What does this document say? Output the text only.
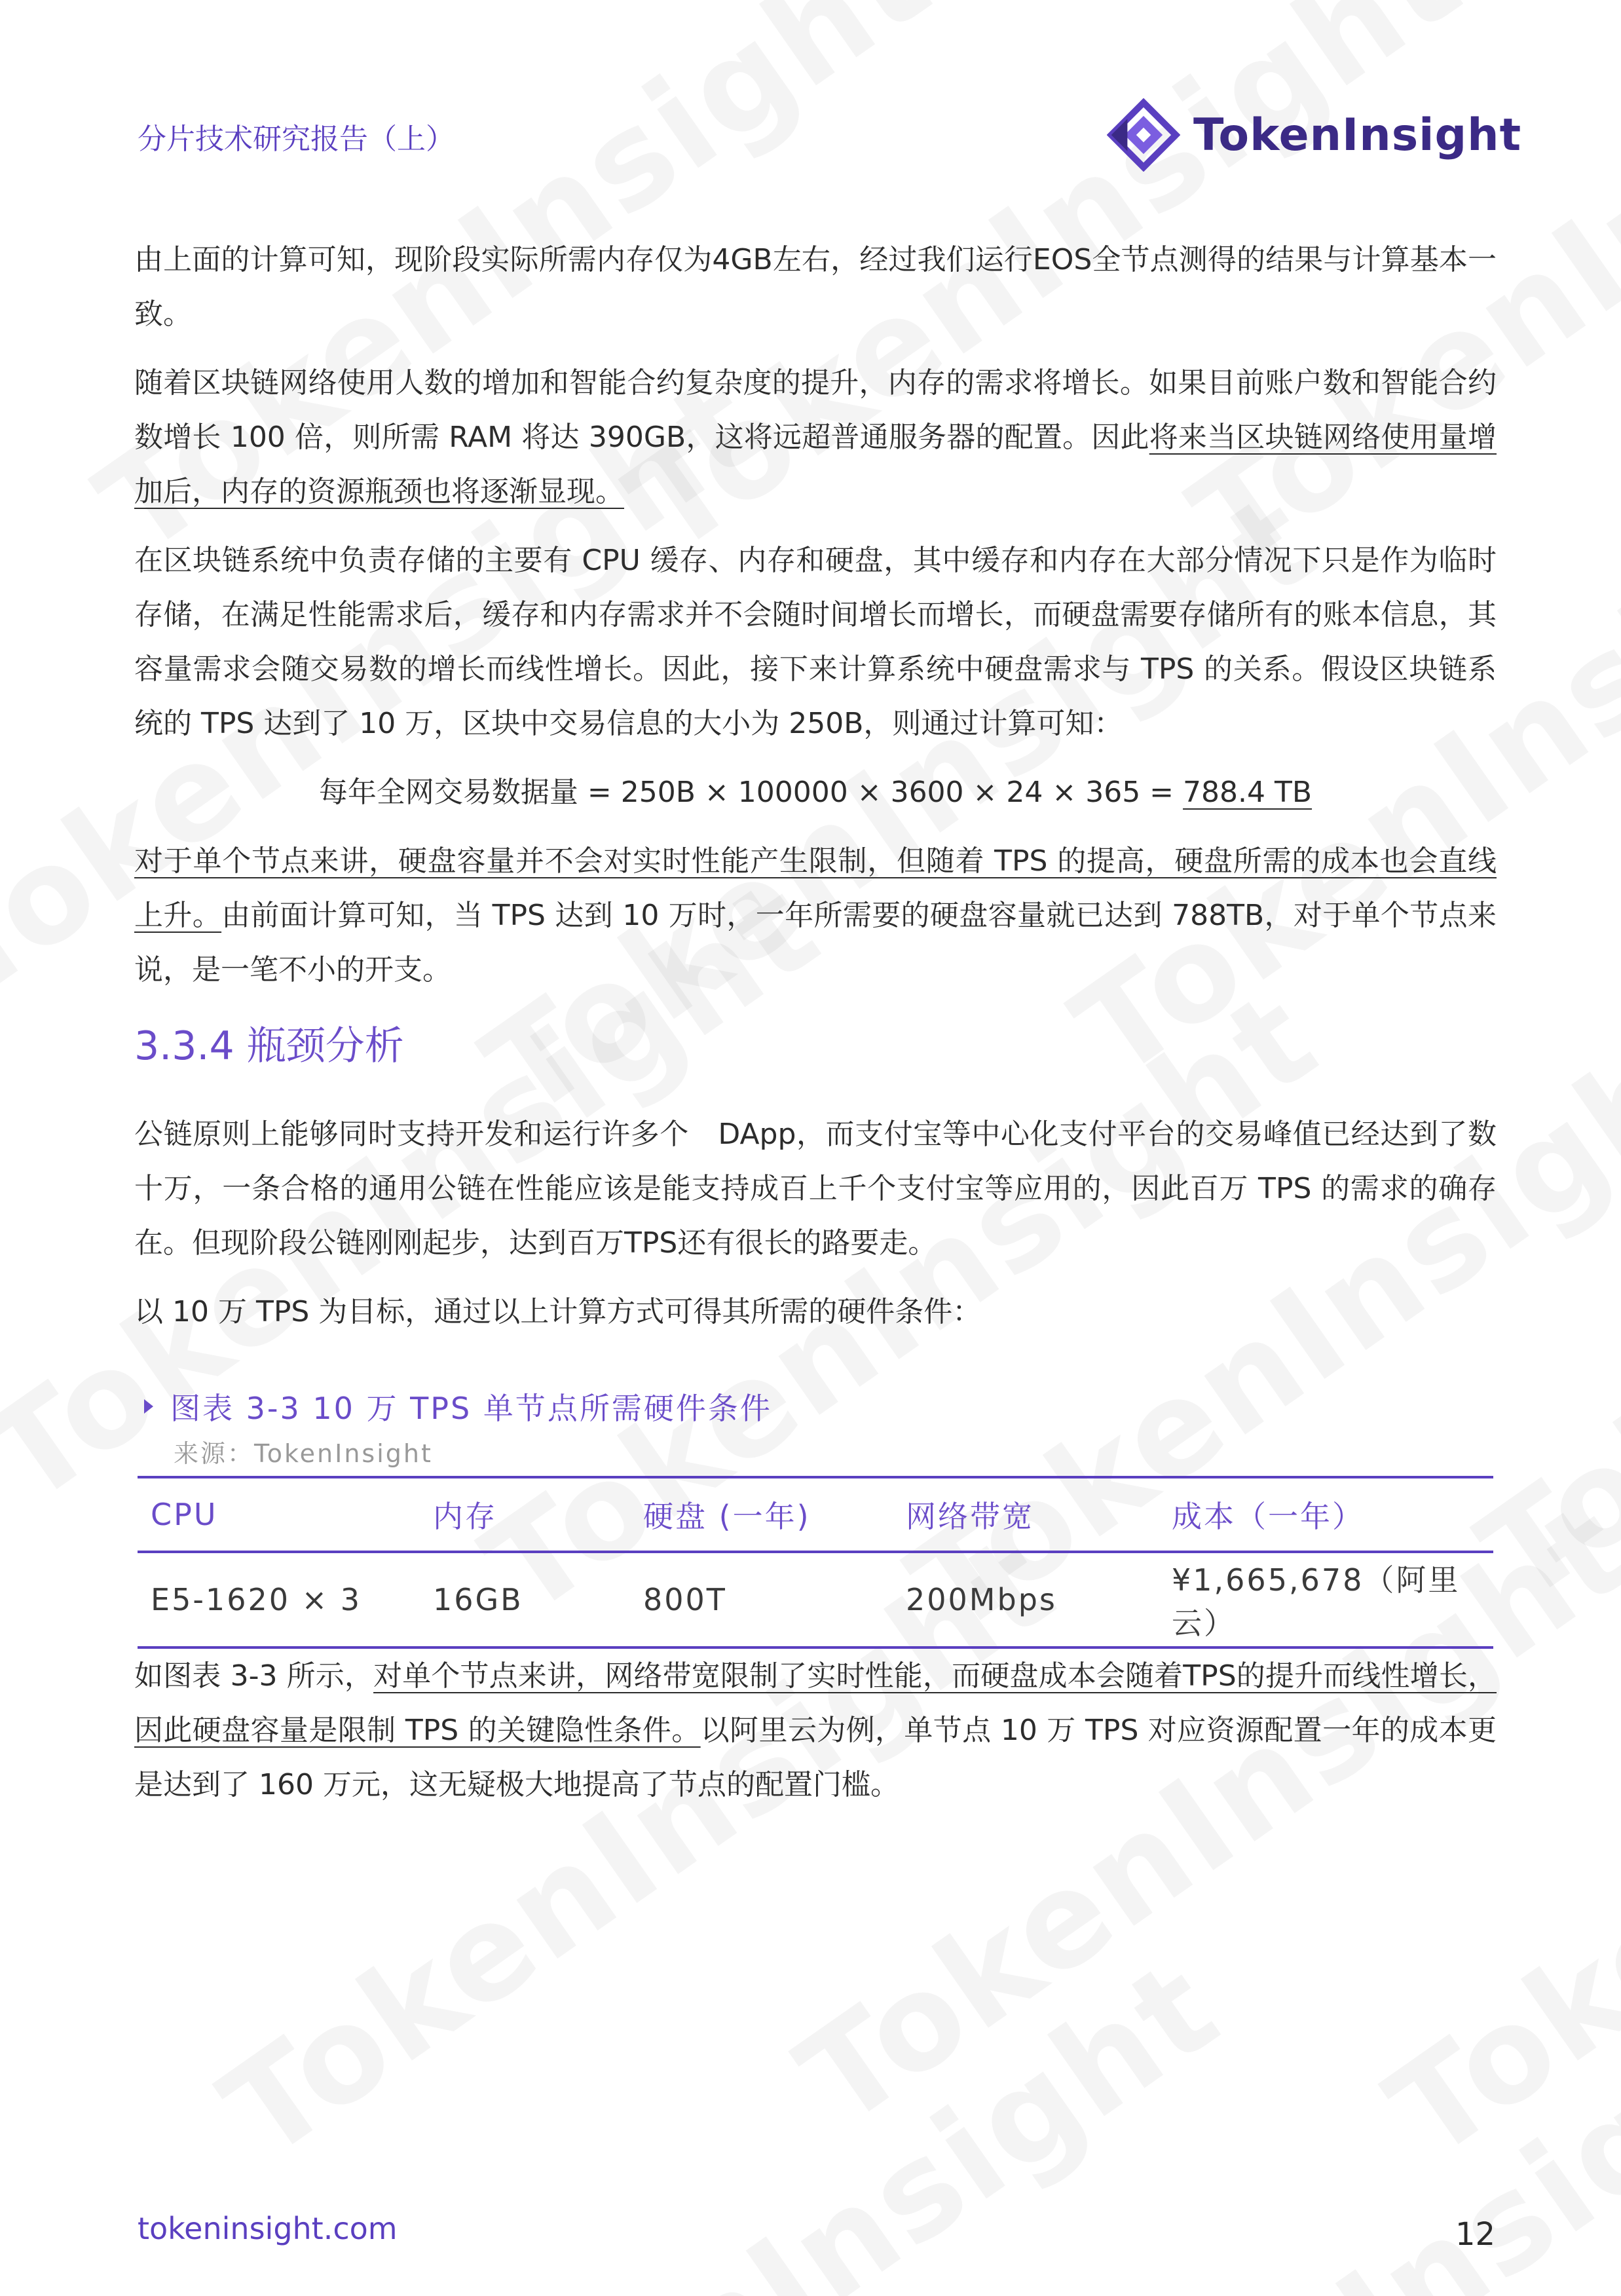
分片技术研究报告（上）	TokenInsight

由上面的计算可知，现阶段实际所需内存仅为4GB左右，经过我们运行EOS全节点测得的结果与计算基本一致。

随着区块链网络使用人数的增加和智能合约复杂度的提升，内存的需求将增长。如果目前账户数和智能合约数增长 100 倍，则所需 RAM 将达 390GB，这将远超普通服务器的配置。因此将来当区块链网络使用量增加后，内存的资源瓶颈也将逐渐显现。

在区块链系统中负责存储的主要有 CPU 缓存、内存和硬盘，其中缓存和内存在大部分情况下只是作为临时存储，在满足性能需求后，缓存和内存需求并不会随时间增长而增长，而硬盘需要存储所有的账本信息，其容量需求会随交易数的增长而线性增长。因此，接下来计算系统中硬盘需求与 TPS 的关系。假设区块链系统的 TPS 达到了 10 万，区块中交易信息的大小为 250B，则通过计算可知：

每年全网交易数据量 = 250B × 100000 × 3600 × 24 × 365 = 788.4 TB

对于单个节点来讲，硬盘容量并不会对实时性能产生限制，但随着 TPS 的提高，硬盘所需的成本也会直线上升。由前面计算可知，当 TPS 达到 10 万时，一年所需要的硬盘容量就已达到 788TB，对于单个节点来说，是一笔不小的开支。

3.3.4 瓶颈分析

公链原则上能够同时支持开发和运行许多个　DApp，而支付宝等中心化支付平台的交易峰值已经达到了数十万，一条合格的通用公链在性能应该是能支持成百上千个支付宝等应用的，因此百万 TPS 的需求的确存在。但现阶段公链刚刚起步，达到百万TPS还有很长的路要走。

以 10 万 TPS 为目标，通过以上计算方式可得其所需的硬件条件：

图表 3-3 10 万 TPS 单节点所需硬件条件
来源：TokenInsight
CPU	内存	硬盘 (一年)	网络带宽	成本（一年）
E5-1620 × 3	16GB	800T	200Mbps	¥1,665,678（阿里云）

如图表 3-3 所示，对单个节点来讲，网络带宽限制了实时性能，而硬盘成本会随着TPS的提升而线性增长，因此硬盘容量是限制 TPS 的关键隐性条件。以阿里云为例，单节点 10 万 TPS 对应资源配置一年的成本更是达到了 160 万元，这无疑极大地提高了节点的配置门槛。

tokeninsight.com	12
